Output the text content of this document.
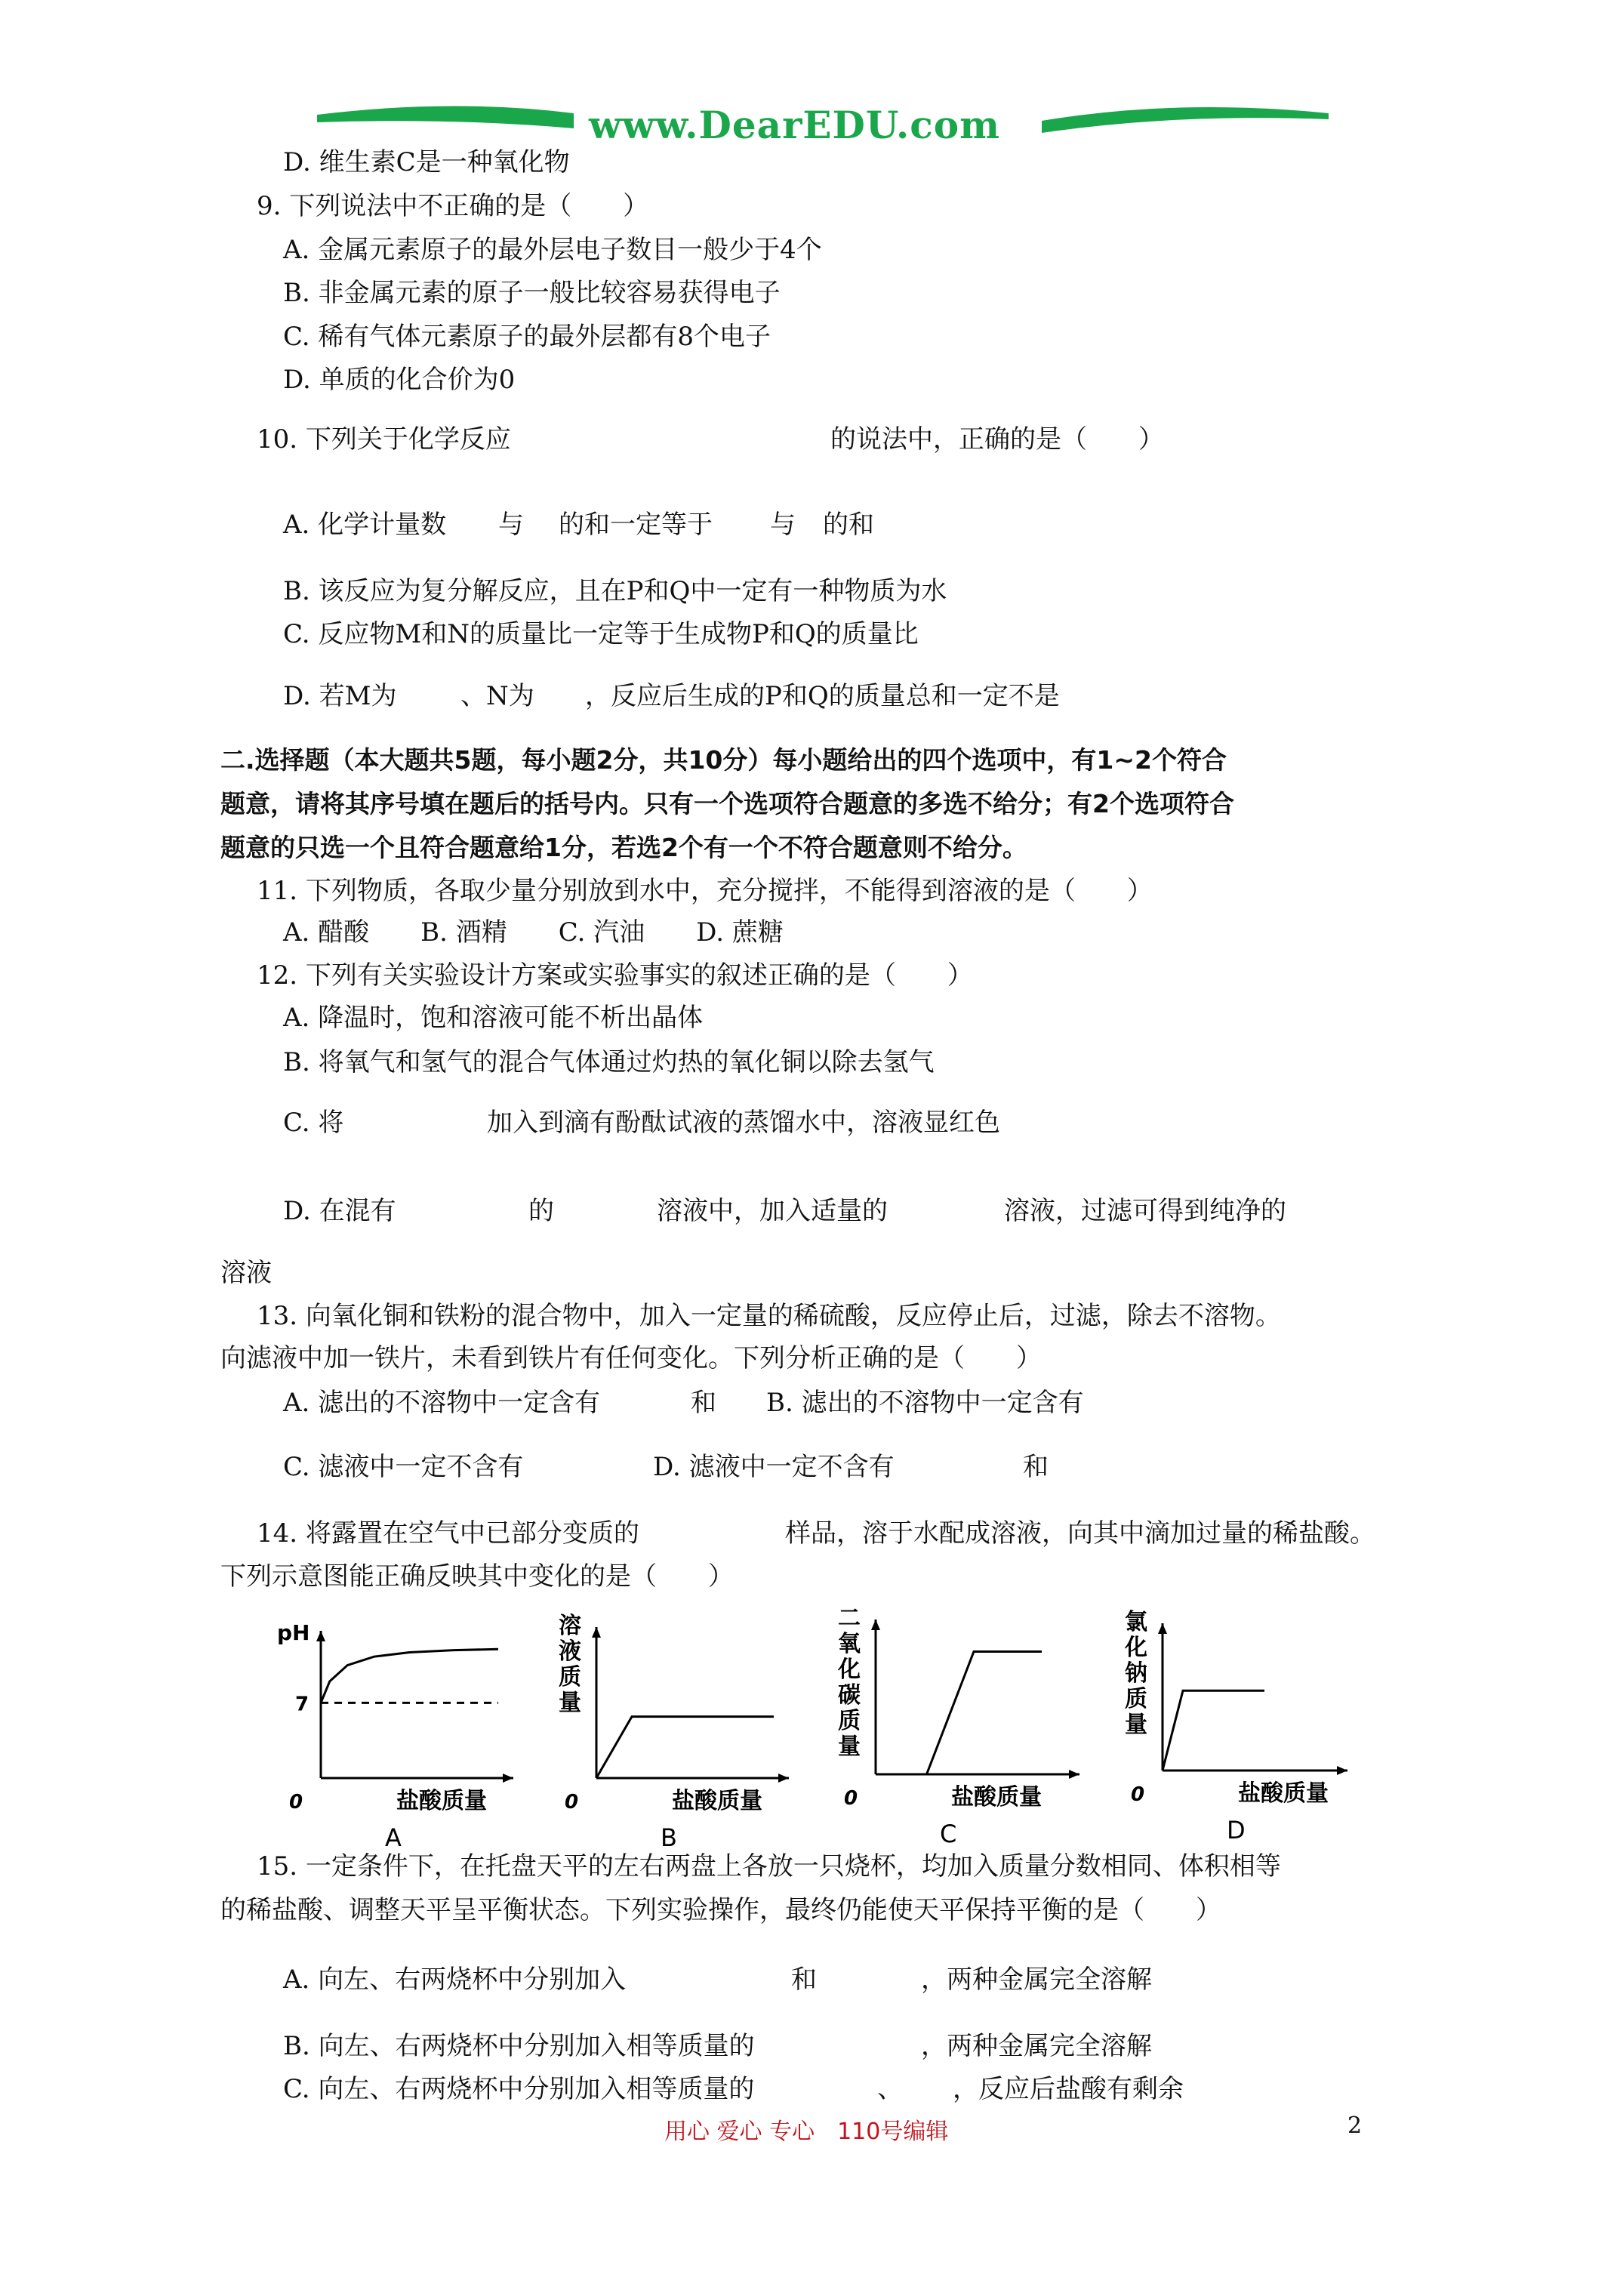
www.DearEDU.com
D. 维生素C是一种氧化物
9. 下列说法中不正确的是（　　）
A. 金属元素原子的最外层电子数目一般少于4个
B. 非金属元素的原子一般比较容易获得电子
C. 稀有气体元素原子的最外层都有8个电子
D. 单质的化合价为0
10. 下列关于化学反应	的说法中，正确的是（　　）
A. 化学计量数 与 的和一定等于 与 的和
B. 该反应为复分解反应，且在P和Q中一定有一种物质为水
C. 反应物M和N的质量比一定等于生成物P和Q的质量比
D. 若M为 、N为 ，反应后生成的P和Q的质量总和一定不是
二.选择题（本大题共5题，每小题2分，共10分）每小题给出的四个选项中，有1~2个符合
题意，请将其序号填在题后的括号内。只有一个选项符合题意的多选不给分；有2个选项符合
题意的只选一个且符合题意给1分，若选2个有一个不符合题意则不给分。
11. 下列物质，各取少量分别放到水中，充分搅拌，不能得到溶液的是（　　）
A. 醋酸　　B. 酒精　　C. 汽油　　D. 蔗糖
12. 下列有关实验设计方案或实验事实的叙述正确的是（　　）
A. 降温时，饱和溶液可能不析出晶体
B. 将氧气和氢气的混合气体通过灼热的氧化铜以除去氢气
C. 将	加入到滴有酚酞试液的蒸馏水中，溶液显红色
D. 在混有	的	溶液中，加入适量的	溶液，过滤可得到纯净的
溶液
13. 向氧化铜和铁粉的混合物中，加入一定量的稀硫酸，反应停止后，过滤，除去不溶物。
向滤液中加一铁片，未看到铁片有任何变化。下列分析正确的是（　　）
A. 滤出的不溶物中一定含有	和 B. 滤出的不溶物中一定含有
C. 滤液中一定不含有	D. 滤液中一定不含有	和
14. 将露置在空气中已部分变质的	样品，溶于水配成溶液，向其中滴加过量的稀盐酸。
下列示意图能正确反映其中变化的是（　　）
0	盐酸质量
A
pH
7
0	盐酸质量
B
溶
液
质
量
0	盐酸质量
C
二
氧
化
碳
质
量
0	盐酸质量
D
氯
化
钠
质
量
15. 一定条件下，在托盘天平的左右两盘上各放一只烧杯，均加入质量分数相同、体积相等
的稀盐酸、调整天平呈平衡状态。下列实验操作，最终仍能使天平保持平衡的是（　　）
A. 向左、右两烧杯中分别加入	和	，两种金属完全溶解
B. 向左、右两烧杯中分别加入相等质量的	，两种金属完全溶解
C. 向左、右两烧杯中分别加入相等质量的	、 ，反应后盐酸有剩余
用心 爱心 专心　110号编辑	2
